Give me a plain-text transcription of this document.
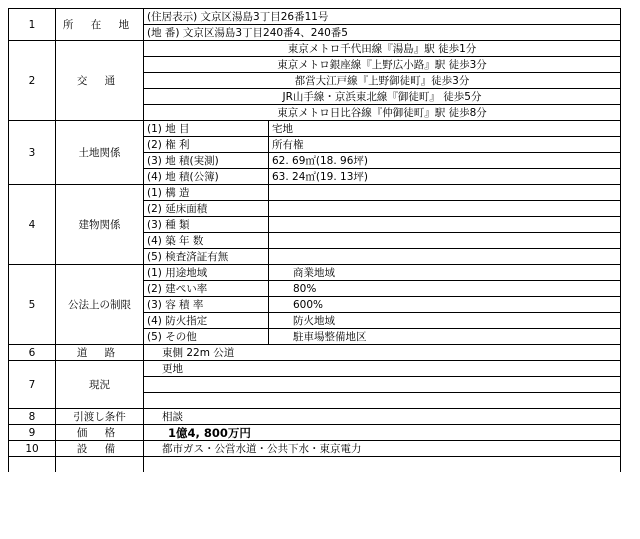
1	所 在 地	(住居表示) 文京区湯島3丁目26番11号	
		(地 番) 文京区湯島3丁目240番4、240番5	
2	交 通	東京メトロ千代田線『湯島』駅 徒歩1分	
		東京メトロ銀座線『上野広小路』駅 徒歩3分	
		都営大江戸線『上野御徒町』徒歩3分	
		JR山手線・京浜東北線『御徒町』 徒歩5分	
		東京メトロ日比谷線『仲御徒町』駅 徒歩8分	
3	土地関係	(1) 地 目	宅地
		(2) 権 利	所有権
		(3) 地 積(実測)	62. 69㎡(18. 96坪)
		(4) 地 積(公簿)	63. 24㎡(19. 13坪)
4	建物関係	(1) 構 造	
		(2) 延床面積	
		(3) 種 類	
		(4) 築 年 数	
		(5) 検査済証有無	
5	公法上の制限	(1) 用途地域	商業地域
		(2) 建ぺい率	80%
		(3) 容 積 率	600%
		(4) 防火指定	防火地域
		(5) その他	駐車場整備地区
6	道 路	東側 22m 公道	
7	現況	更地	

8	引渡し条件	相談	
9	価 格	1億4, 800万円	
10	設 備	都市ガス・公営水道・公共下水・東京電力	
